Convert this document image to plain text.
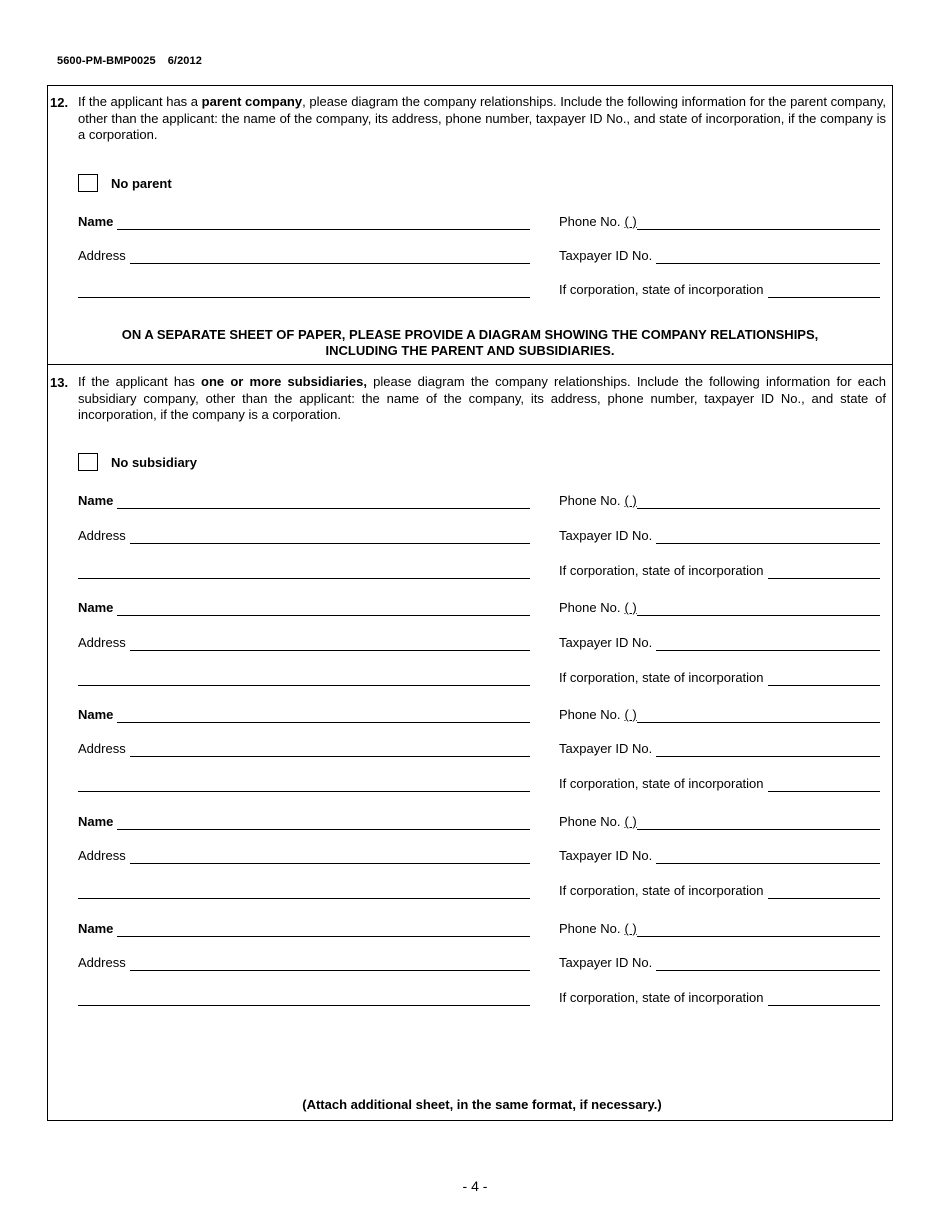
5600-PM-BMP0025 6/2012
12. If the applicant has a parent company, please diagram the company relationships. Include the following information for the parent company, other than the applicant: the name of the company, its address, phone number, taxpayer ID No., and state of incorporation, if the company is a corporation.
No parent
Name	Phone No. ( )
Address	Taxpayer ID No.
If corporation, state of incorporation
ON A SEPARATE SHEET OF PAPER, PLEASE PROVIDE A DIAGRAM SHOWING THE COMPANY RELATIONSHIPS,
INCLUDING THE PARENT AND SUBSIDIARIES.
13. If the applicant has one or more subsidiaries, please diagram the company relationships. Include the following information for each subsidiary company, other than the applicant: the name of the company, its address, phone number, taxpayer ID No., and state of incorporation, if the company is a corporation.
No subsidiary
Name	Phone No. ( )
Address	Taxpayer ID No.
If corporation, state of incorporation
Name	Phone No. ( )
Address	Taxpayer ID No.
If corporation, state of incorporation
Name	Phone No. ( )
Address	Taxpayer ID No.
If corporation, state of incorporation
Name	Phone No. ( )
Address	Taxpayer ID No.
If corporation, state of incorporation
Name	Phone No. ( )
Address	Taxpayer ID No.
If corporation, state of incorporation
(Attach additional sheet, in the same format, if necessary.)
- 4 -
